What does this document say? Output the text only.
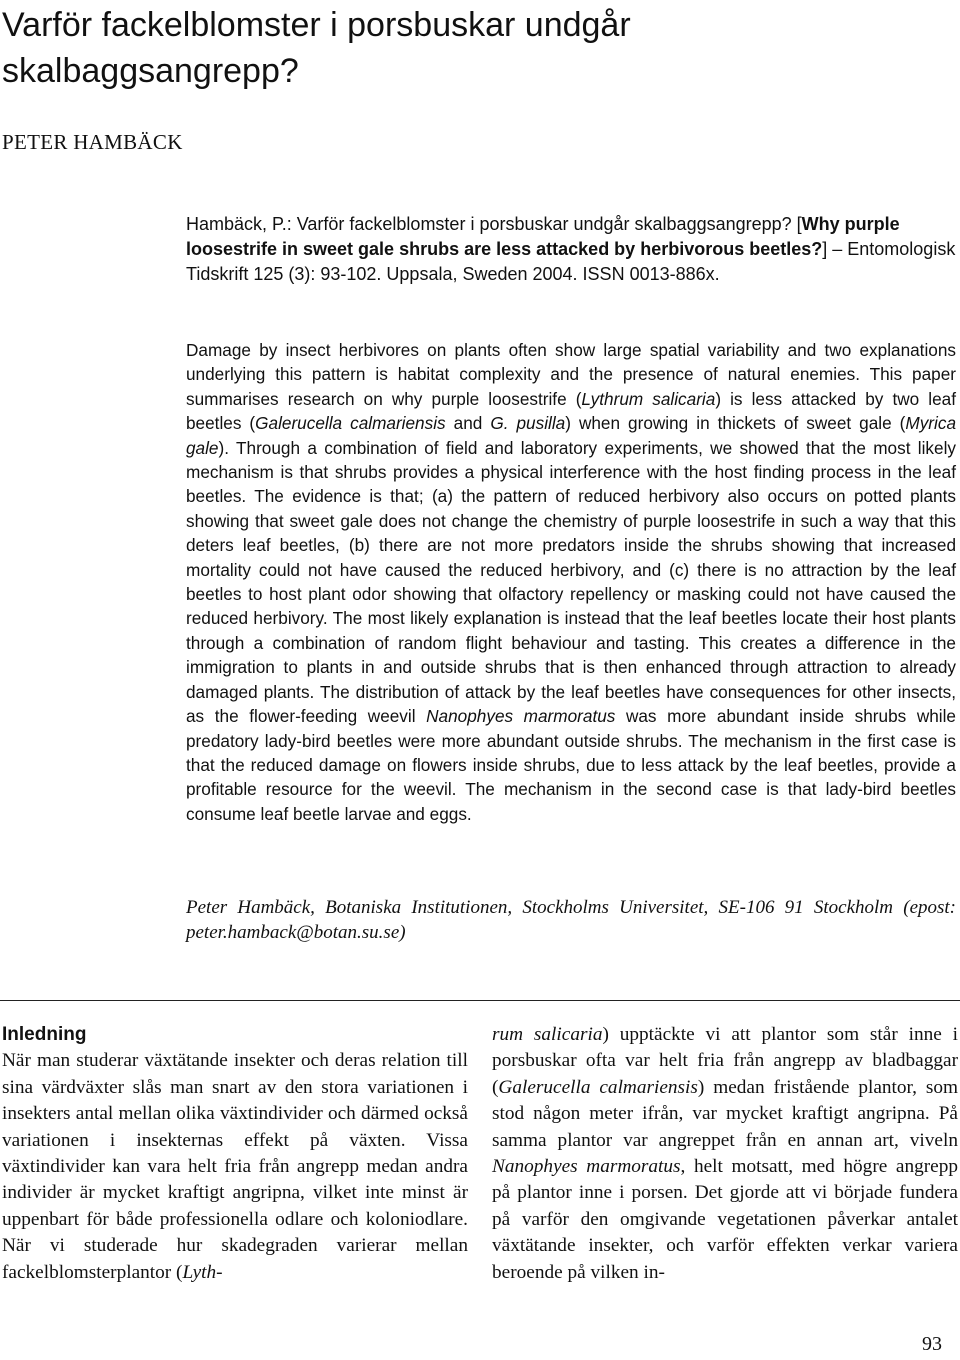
Varför fackelblomster i porsbuskar undgår skalbaggsangrepp?

PETER HAMBÄCK

Hambäck, P.: Varför fackelblomster i porsbuskar undgår skalbaggsangrepp? [Why purple loosestrife in sweet gale shrubs are less attacked by herbivorous beetles?] – Entomologisk Tidskrift 125 (3): 93-102. Uppsala, Sweden 2004. ISSN 0013-886x.

Damage by insect herbivores on plants often show large spatial variability and two explanations underlying this pattern is habitat complexity and the presence of natural enemies. This paper summarises research on why purple loosestrife (Lythrum salicaria) is less attacked by two leaf beetles (Galerucella calmariensis and G. pusilla) when growing in thickets of sweet gale (Myrica gale). Through a combination of field and laboratory experiments, we showed that the most likely mechanism is that shrubs provides a physical interference with the host finding process in the leaf beetles. The evidence is that; (a) the pattern of reduced herbivory also occurs on potted plants showing that sweet gale does not change the chemistry of purple loosestrife in such a way that this deters leaf beetles, (b) there are not more predators inside the shrubs showing that increased mortality could not have caused the reduced herbivory, and (c) there is no attraction by the leaf beetles to host plant odor showing that olfactory repellency or masking could not have caused the reduced herbivory. The most likely explanation is instead that the leaf beetles locate their host plants through a combination of random flight behaviour and tasting. This creates a difference in the immigration to plants in and outside shrubs that is then enhanced through attraction to already damaged plants. The distribution of attack by the leaf beetles have consequences for other insects, as the flower-feeding weevil Nanophyes marmoratus was more abundant inside shrubs while predatory lady-bird beetles were more abundant outside shrubs. The mechanism in the first case is that the reduced damage on flowers inside shrubs, due to less attack by the leaf beetles, provide a profitable resource for the weevil. The mechanism in the second case is that lady-bird beetles consume leaf beetle larvae and eggs.

Peter Hambäck, Botaniska Institutionen, Stockholms Universitet, SE-106 91 Stockholm (epost: peter.hamback@botan.su.se)

Inledning
När man studerar växtätande insekter och deras relation till sina värdväxter slås man snart av den stora variationen i insekters antal mellan olika växtindivider och därmed också variationen i insekternas effekt på växten. Vissa växtindivider kan vara helt fria från angrepp medan andra individer är mycket kraftigt angripna, vilket inte minst är uppenbart för både professionella odlare och koloniodlare. När vi studerade hur skadegraden varierar mellan fackelblomsterplantor (Lyth-

rum salicaria) upptäckte vi att plantor som står inne i porsbuskar ofta var helt fria från angrepp av bladbaggar (Galerucella calmariensis) medan fristående plantor, som stod någon meter ifrån, var mycket kraftigt angripna. På samma plantor var angreppet från en annan art, viveln Nanophyes marmoratus, helt motsatt, med högre angrepp på plantor inne i porsen. Det gjorde att vi började fundera på varför den omgivande vegetationen påverkar antalet växtätande insekter, och varför effekten verkar variera beroende på vilken in-

93
